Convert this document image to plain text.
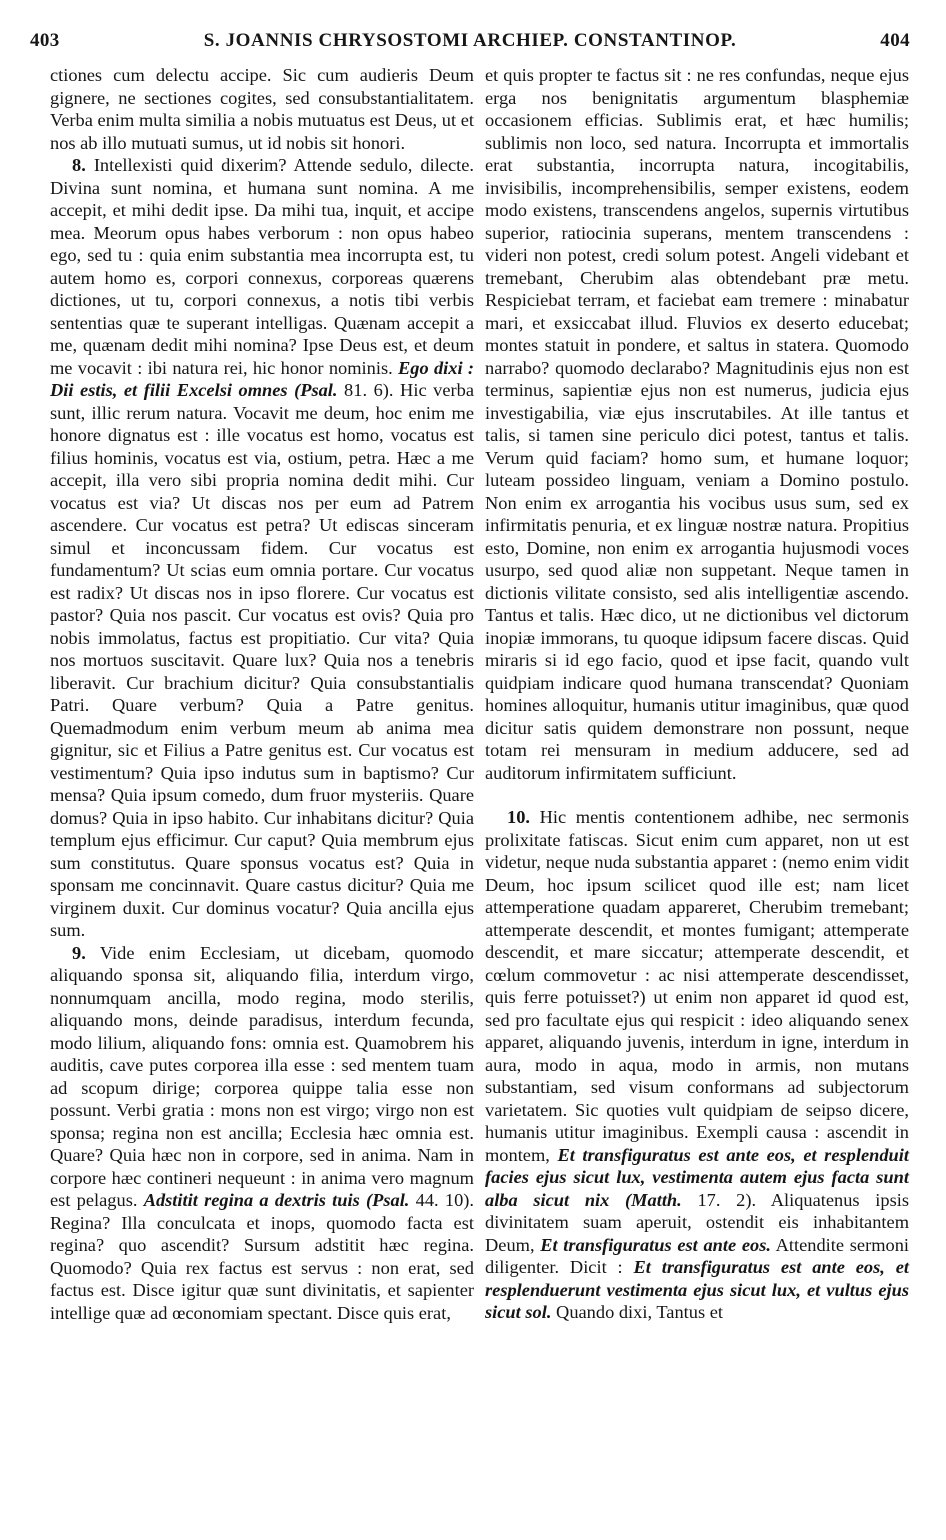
403	S. JOANNIS CHRYSOSTOMI ARCHIEP. CONSTANTINOP.	404

ctiones cum delectu accipe. Sic cum audieris Deum gignere, ne sectiones cogites, sed consubstantialitatem. Verba enim multa similia a nobis mutuatus est Deus, ut et nos ab illo mutuati sumus, ut id nobis sit honori.

8. Intellexisti quid dixerim? Attende sedulo, dilecte. Divina sunt nomina, et humana sunt nomina. A me accepit, et mihi dedit ipse. Da mihi tua, inquit, et accipe mea. Meorum opus habes verborum : non opus habeo ego, sed tu : quia enim substantia mea incorrupta est, tu autem homo es, corpori connexus, corporeas quærens dictiones, ut tu, corpori connexus, a notis tibi verbis sententias quæ te superant intelligas. Quænam accepit a me, quænam dedit mihi nomina? Ipse Deus est, et deum me vocavit : ibi natura rei, hic honor nominis. Ego dixi : Dii estis, et filii Excelsi omnes (Psal. 81. 6). Hic verba sunt, illic rerum natura. Vocavit me deum, hoc enim me honore dignatus est : ille vocatus est homo, vocatus est filius hominis, vocatus est via, ostium, petra. Hæc a me accepit, illa vero sibi propria nomina dedit mihi. Cur vocatus est via? Ut discas nos per eum ad Patrem ascendere. Cur vocatus est petra? Ut ediscas sinceram simul et inconcussam fidem. Cur vocatus est fundamentum? Ut scias eum omnia portare. Cur vocatus est radix? Ut discas nos in ipso florere. Cur vocatus est pastor? Quia nos pascit. Cur vocatus est ovis? Quia pro nobis immolatus, factus est propitiatio. Cur vita? Quia nos mortuos suscitavit. Quare lux? Quia nos a tenebris liberavit. Cur brachium dicitur? Quia consubstantialis Patri. Quare verbum? Quia a Patre genitus. Quemadmodum enim verbum meum ab anima mea gignitur, sic et Filius a Patre genitus est. Cur vocatus est vestimentum? Quia ipso indutus sum in baptismo? Cur mensa? Quia ipsum comedo, dum fruor mysteriis. Quare domus? Quia in ipso habito. Cur inhabitans dicitur? Quia templum ejus efficimur. Cur caput? Quia membrum ejus sum constitutus. Quare sponsus vocatus est? Quia in sponsam me concinnavit. Quare castus dicitur? Quia me virginem duxit. Cur dominus vocatur? Quia ancilla ejus sum.

9. Vide enim Ecclesiam, ut dicebam, quomodo aliquando sponsa sit, aliquando filia, interdum virgo, nonnumquam ancilla, modo regina, modo sterilis, aliquando mons, deinde paradisus, interdum fecunda, modo lilium, aliquando fons: omnia est. Quamobrem his auditis, cave putes corporea illa esse : sed mentem tuam ad scopum dirige; corporea quippe talia esse non possunt. Verbi gratia : mons non est virgo; virgo non est sponsa; regina non est ancilla; Ecclesia hæc omnia est. Quare? Quia hæc non in corpore, sed in anima. Nam in corpore hæc contineri nequeunt : in anima vero magnum est pelagus. Adstitit regina a dextris tuis (Psal. 44. 10). Regina? Illa conculcata et inops, quomodo facta est regina? quo ascendit? Sursum adstitit hæc regina. Quomodo? Quia rex factus est servus : non erat, sed factus est. Disce igitur quæ sunt divinitatis, et sapienter intellige quæ ad œconomiam spectant. Disce quis erat,

et quis propter te factus sit : ne res confundas, neque ejus erga nos benignitatis argumentum blasphemiæ occasionem efficias. Sublimis erat, et hæc humilis; sublimis non loco, sed natura. Incorrupta et immortalis erat substantia, incorrupta natura, incogitabilis, invisibilis, incomprehensibilis, semper existens, eodem modo existens, transcendens angelos, supernis virtutibus superior, ratiocinia superans, mentem transcendens : videri non potest, credi solum potest. Angeli videbant et tremebant, Cherubim alas obtendebant præ metu. Respiciebat terram, et faciebat eam tremere : minabatur mari, et exsiccabat illud. Fluvios ex deserto educebat; montes statuit in pondere, et saltus in statera. Quomodo narrabo? quomodo declarabo? Magnitudinis ejus non est terminus, sapientiæ ejus non est numerus, judicia ejus investigabilia, viæ ejus inscrutabiles. At ille tantus et talis, si tamen sine periculo dici potest, tantus et talis. Verum quid faciam? homo sum, et humane loquor; luteam possideo linguam, veniam a Domino postulo. Non enim ex arrogantia his vocibus usus sum, sed ex infirmitatis penuria, et ex linguæ nostræ natura. Propitius esto, Domine, non enim ex arrogantia hujusmodi voces usurpo, sed quod aliæ non suppetant. Neque tamen in dictionis vilitate consisto, sed alis intelligentiæ ascendo. Tantus et talis. Hæc dico, ut ne dictionibus vel dictorum inopiæ immorans, tu quoque idipsum facere discas. Quid miraris si id ego facio, quod et ipse facit, quando vult quidpiam indicare quod humana transcendat? Quoniam homines alloquitur, humanis utitur imaginibus, quæ quod dicitur satis quidem demonstrare non possunt, neque totam rei mensuram in medium adducere, sed ad auditorum infirmitatem sufficiunt.

10. Hic mentis contentionem adhibe, nec sermonis prolixitate fatiscas. Sicut enim cum apparet, non ut est videtur, neque nuda substantia apparet : (nemo enim vidit Deum, hoc ipsum scilicet quod ille est; nam licet attemperatione quadam appareret, Cherubim tremebant; attemperate descendit, et montes fumigant; attemperate descendit, et mare siccatur; attemperate descendit, et cœlum commovetur : ac nisi attemperate descendisset, quis ferre potuisset?) ut enim non apparet id quod est, sed pro facultate ejus qui respicit : ideo aliquando senex apparet, aliquando juvenis, interdum in igne, interdum in aura, modo in aqua, modo in armis, non mutans substantiam, sed visum conformans ad subjectorum varietatem. Sic quoties vult quidpiam de seipso dicere, humanis utitur imaginibus. Exempli causa : ascendit in montem, Et transfiguratus est ante eos, et resplenduit facies ejus sicut lux, vestimenta autem ejus facta sunt alba sicut nix (Matth. 17. 2). Aliquatenus ipsis divinitatem suam aperuit, ostendit eis inhabitantem Deum, Et transfiguratus est ante eos. Attendite sermoni diligenter. Dicit : Et transfiguratus est ante eos, et resplenduerunt vestimenta ejus sicut lux, et vultus ejus sicut sol. Quando dixi, Tantus et
